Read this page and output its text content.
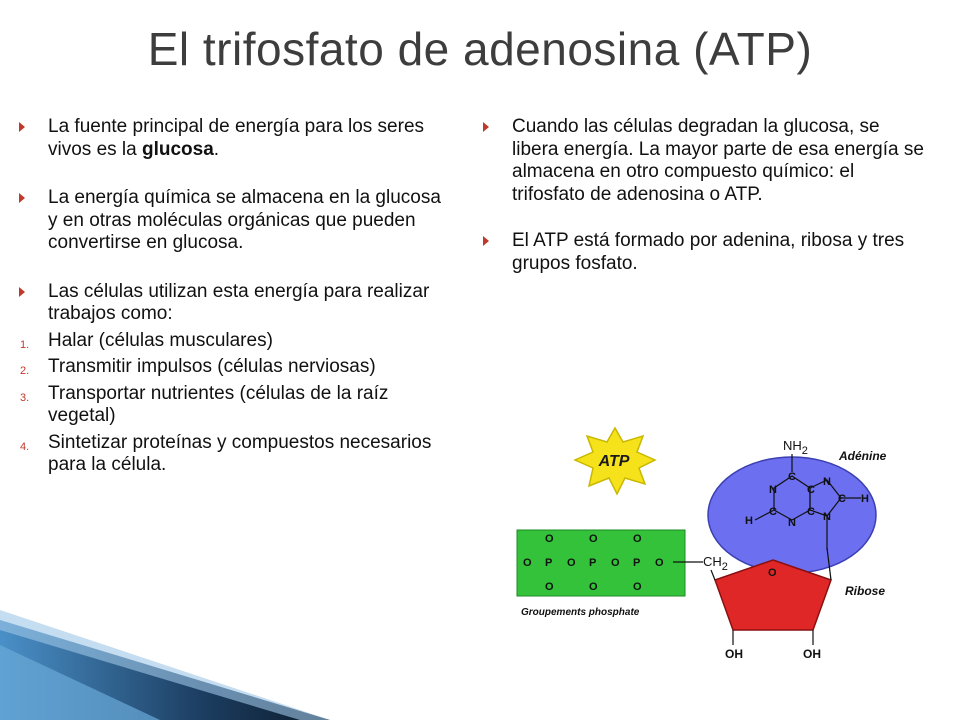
El trifosfato de adenosina (ATP)
La fuente principal de energía para los seres vivos es la glucosa.
La energía química se almacena en la glucosa y en otras moléculas orgánicas que pueden convertirse en glucosa.
Las células utilizan esta energía para realizar trabajos como:
1. Halar (células musculares)
2. Transmitir impulsos (células nerviosas)
3. Transportar nutrientes (células de la raíz vegetal)
4. Sintetizar proteínas y compuestos necesarios para la célula.
Cuando las células degradan la glucosa, se libera energía. La mayor parte de esa energía se almacena en otro compuesto químico: el trifosfato de adenosina o ATP.
El ATP está formado por adenina, ribosa y tres grupos fosfato.
ATP	Adénine
$NH_2$
C
N	C
C	C
N
N
C
N
H
H
O P O P O P O
O	O	O
O	O	O
Groupements phosphate
$CH_2$	O
Ribose
OH	OH
